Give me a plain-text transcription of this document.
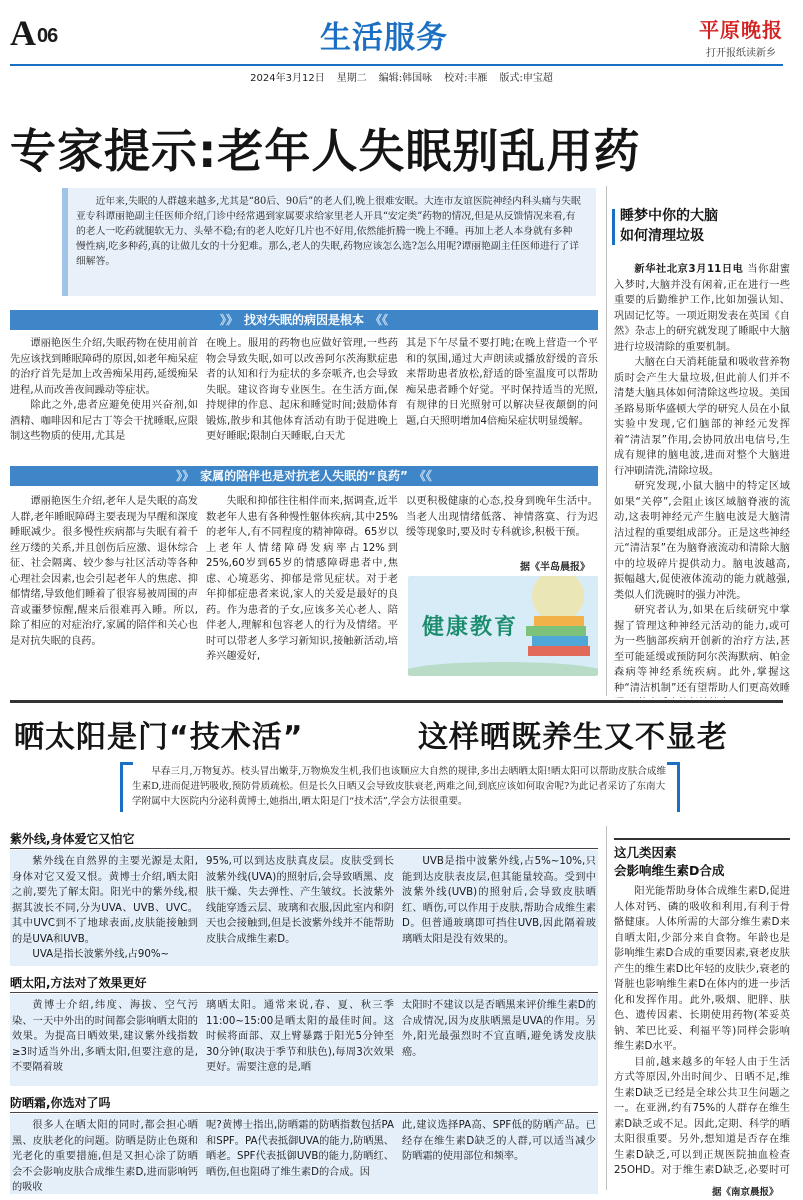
A 06	生活服务	平原晚报
打开报纸读新乡
2024年3月12日 星期二 编辑:韩国咏 校对:丰雁 版式:申宝超
专家提示:老年人失眠别乱用药

近年来,失眠的人群越来越多,尤其是“80后、90后”的老人们,晚上很难安眠。大连市友谊医院神经内科头痛与失眠亚专科谭丽艳副主任医师介绍,门诊中经常遇到家属要求给家里老人开具“安定类”药物的情况,但是从反馈情况来看,有的老人一吃药就腿软无力、头晕不稳;有的老人吃好几片也不好用,依然能折腾一晚上不睡。再加上老人本身就有多种慢性病,吃多种药,真的让做儿女的十分犯难。那么,老人的失眠,药物应该怎么选?怎么用呢?谭丽艳副主任医师进行了详细解答。

》》 找对失眠的病因是根本 《《

谭丽艳医生介绍,失眠药物在使用前首先应该找到睡眠障碍的原因,如老年痴呆症的治疗首先是加上改善痴呆用药,延缓痴呆进程,从而改善夜间躁动等症状。

除此之外,患者应避免使用兴奋剂,如酒精、咖啡因和尼古丁等会干扰睡眠,应限制这些物质的使用,尤其是

在晚上。服用的药物也应做好管理,一些药物会导致失眠,如可以改善阿尔茨海默症患者的认知和行为症状的多奈哌齐,也会导致失眠。建议咨询专业医生。在生活方面,保持规律的作息、起床和睡觉时间;鼓励体育锻炼,散步和其他体育活动有助于促进晚上更好睡眠;限制白天睡眠,白天尤

其是下午尽量不要打盹;在晚上营造一个平和的氛围,通过大声朗读或播放舒缓的音乐来帮助患者放松,舒适的卧室温度可以帮助痴呆患者睡个好觉。平时保持适当的光照,有规律的日光照射可以解决昼夜颠倒的问题,白天照明增加4倍痴呆症状明显缓解。

》》 家属的陪伴也是对抗老人失眠的“良药” 《《

谭丽艳医生介绍,老年人是失眠的高发人群,老年睡眠障碍主要表现为早醒和深度睡眠减少。很多慢性疾病都与失眠有着千丝万缕的关系,并且创伤后应激、退休综合征、社会隔离、较少参与社区活动等各种心理社会因素,也会引起老年人的焦虑、抑郁情绪,导致他们睡着了很容易被周围的声音或噩梦惊醒,醒来后很难再入睡。所以,除了相应的对症治疗,家属的陪伴和关心也是对抗失眠的良药。

失眠和抑郁往往相伴而来,据调查,近半数老年人患有各种慢性躯体疾病,其中25%的老年人,有不同程度的精神障碍。65岁以上老年人情绪障碍发病率占12%到25%,60岁到65岁的情感障碍患者中,焦虑、心境恶劣、抑郁是常见症状。对于老年抑郁症患者来说,家人的关爱是最好的良药。作为患者的子女,应该多关心老人、陪伴老人,理解和包容老人的行为及情绪。平时可以带老人多学习新知识,接触新活动,培养兴趣爱好,

以更积极健康的心态,投身到晚年生活中。当老人出现情绪低落、神情落寞、行为迟缓等现象时,要及时专科就诊,积极干预。

据《半岛晨报》
健康教育
睡梦中你的大脑
如何清理垃圾

新华社北京3月11日电 当你甜蜜入梦时,大脑并没有闲着,正在进行一些重要的后勤维护工作,比如加强认知、巩固记忆等。一项近期发表在英国《自然》杂志上的研究就发现了睡眠中大脑进行垃圾清除的重要机制。

大脑在白天消耗能量和吸收营养物质时会产生大量垃圾,但此前人们并不清楚大脑具体如何清除这些垃圾。美国圣路易斯华盛顿大学的研究人员在小鼠实验中发现,它们脑部的神经元发挥着“清洁泵”作用,会协同放出电信号,生成有规律的脑电波,进而对整个大脑进行冲刷清洗,清除垃圾。

研究发现,小鼠大脑中的特定区域如果“关停”,会阻止该区域脑脊液的流动,这表明神经元产生脑电波是大脑清洁过程的重要组成部分。正是这些神经元“清洁泵”在为脑脊液流动和清除大脑中的垃圾碎片提供动力。脑电波越高,振幅越大,促使液体流动的能力就越强,类似人们洗碗时的强力冲洗。

研究者认为,如果在后续研究中掌握了管理这种神经元活动的能力,或可为一些脑部疾病开创新的治疗方法,甚至可能延缓或预防阿尔茨海默病、帕金森病等神经系统疾病。此外,掌握这种“清洁机制”还有望帮助人们更高效睡

晒太阳是门“技术活”	这样晒既养生又不显老

早春三月,万物复苏。枝头冒出嫩芽,万物焕发生机,我们也该顺应大自然的规律,多出去晒晒太阳!晒太阳可以帮助皮肤合成维生素D,进而促进钙吸收,预防骨质疏松。但是长久日晒又会导致皮肤衰老,两难之间,到底应该如何取舍呢?为此记者采访了东南大学附属中大医院内分泌科黄博士,她指出,晒太阳是门“技术活”,学会方法很重要。

紫外线,身体爱它又怕它

紫外线在自然界的主要光源是太阳,身体对它又爱又恨。黄博士介绍,晒太阳之前,要先了解太阳。阳光中的紫外线,根据其波长不同,分为UVA、UVB、UVC。其中UVC到不了地球表面,皮肤能接触到的是UVA和UVB。

UVA是指长波紫外线,占90%~

95%,可以到达皮肤真皮层。皮肤受到长波紫外线(UVA)的照射后,会导致晒黑、皮肤干燥、失去弹性、产生皱纹。长波紫外线能穿透云层、玻璃和衣服,因此室内和阴天也会接触到,但是长波紫外线并不能帮助皮肤合成维生素D。

UVB是指中波紫外线,占5%~10%,只能到达皮肤表皮层,但其能量较高。受到中波紫外线(UVB)的照射后,会导致皮肤晒红、晒伤,可以作用于皮肤,帮助合成维生素D。但普通玻璃即可挡住UVB,因此隔着玻璃晒太阳是没有效果的。

晒太阳,方法对了效果更好

黄博士介绍,纬度、海拔、空气污染、一天中外出的时间都会影响晒太阳的效果。为提高日晒效果,建议紫外线指数≥3时适当外出,多晒太阳,但要注意的是,不要隔着玻

璃晒太阳。通常来说,春、夏、秋三季11:00~15:00是晒太阳的最佳时间。这时候将面部、双上臂暴露于阳光5分钟至30分钟(取决于季节和肤色),每周3次效果更好。需要注意的是,晒

太阳时不建议以是否晒黑来评价维生素D的合成情况,因为皮肤晒黑是UVA的作用。另外,阳光最强烈时不宜直晒,避免诱发皮肤癌。

防晒霜,你选对了吗

很多人在晒太阳的同时,都会担心晒黑、皮肤老化的问题。防晒是防止色斑和光老化的重要措施,但是又担心涂了防晒会不会影响皮肤合成维生素D,进而影响钙的吸收

呢?黄博士指出,防晒霜的防晒指数包括PA和SPF。PA代表抵御UVA的能力,防晒黑、晒老。SPF代表抵御UVB的能力,防晒红、晒伤,但也阻碍了维生素D的合成。因

此,建议选择PA高、SPF低的防晒产品。已经存在维生素D缺乏的人群,可以适当减少防晒霜的使用部位和频率。

这几类因素
会影响维生素D合成

阳光能帮助身体合成维生素D,促进人体对钙、磷的吸收和利用,有利于骨骼健康。人体所需的大部分维生素D来自晒太阳,少部分来自食物。年龄也是影响维生素D合成的重要因素,衰老皮肤产生的维生素D比年轻的皮肤少,衰老的肾脏也影响维生素D在体内的进一步活化和发挥作用。此外,吸烟、肥胖、肤色、遗传因素、长期使用药物(苯妥英钠、苯巴比妥、利福平等)同样会影响维生素D水平。

目前,越来越多的年轻人由于生活方式等原因,外出时间少、日晒不足,维生素D缺乏已经是全球公共卫生问题之一。在亚洲,约有75%的人群存在维生素D缺乏或不足。因此,定期、科学的晒太阳很重要。另外,想知道是否存在维生素D缺乏,可以到正规医院抽血检查25OHD。对于维生素D缺乏,必要时可

据《南京晨报》
